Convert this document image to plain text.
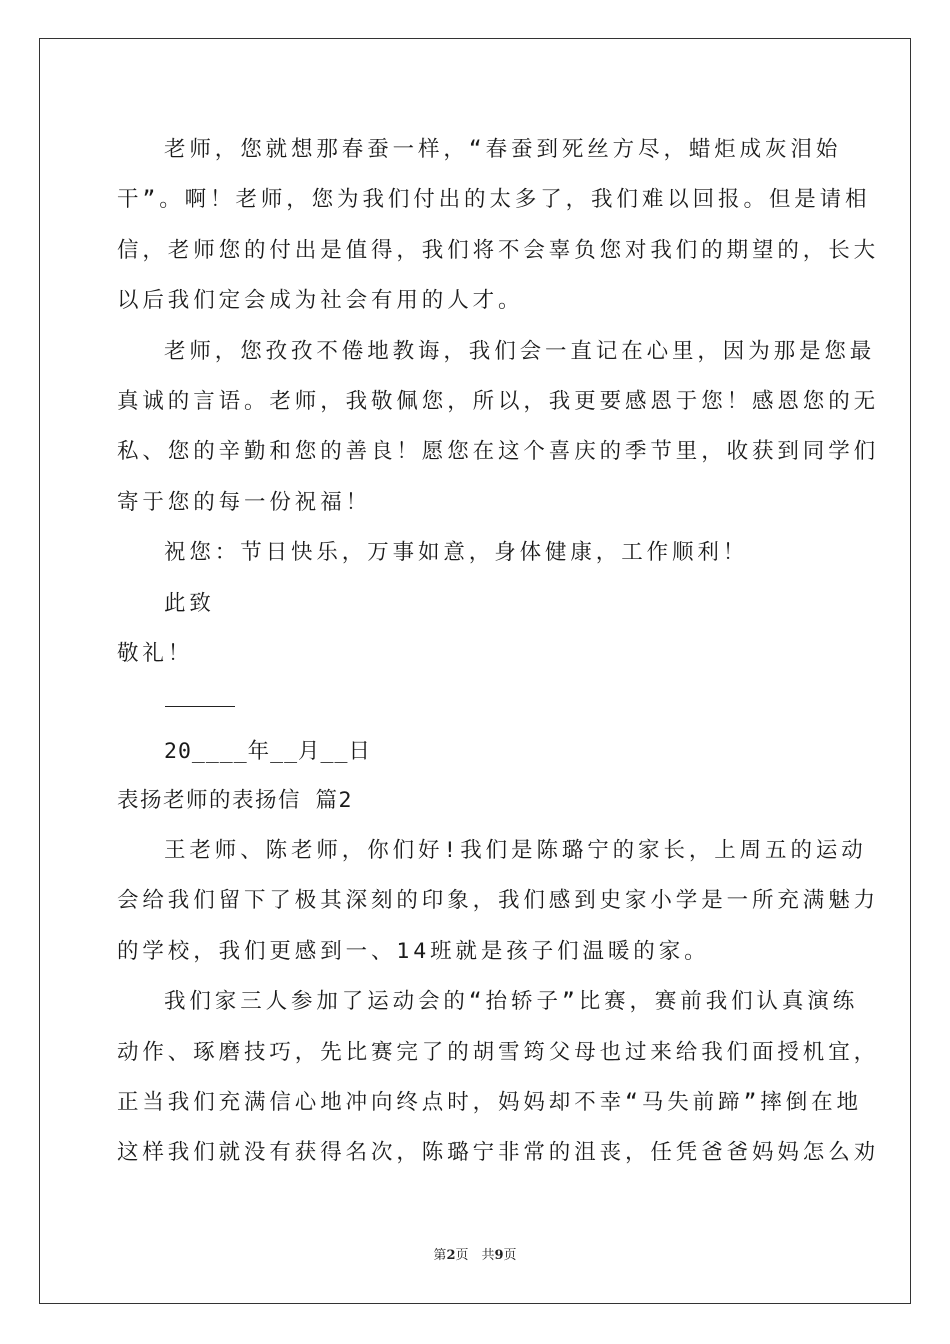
老师，您就想那春蚕一样，“春蚕到死丝方尽，蜡炬成灰泪始
干”。啊！老师，您为我们付出的太多了，我们难以回报。但是请相
信，老师您的付出是值得，我们将不会辜负您对我们的期望的，长大
以后我们定会成为社会有用的人才。
老师，您孜孜不倦地教诲，我们会一直记在心里，因为那是您最
真诚的言语。老师，我敬佩您，所以，我更要感恩于您！感恩您的无
私、您的辛勤和您的善良！愿您在这个喜庆的季节里，收获到同学们
寄于您的每一份祝福！
祝您：节日快乐，万事如意，身体健康，工作顺利！
此致
敬礼！
20____年__月__日
表扬老师的表扬信 篇2
王老师、陈老师，你们好!我们是陈璐宁的家长，上周五的运动
会给我们留下了极其深刻的印象，我们感到史家小学是一所充满魅力
的学校，我们更感到一、14班就是孩子们温暖的家。
我们家三人参加了运动会的“抬轿子”比赛，赛前我们认真演练
动作、琢磨技巧，先比赛完了的胡雪筠父母也过来给我们面授机宜，
正当我们充满信心地冲向终点时，妈妈却不幸“马失前蹄”摔倒在地
这样我们就没有获得名次，陈璐宁非常的沮丧，任凭爸爸妈妈怎么劝
第2页　共9页
